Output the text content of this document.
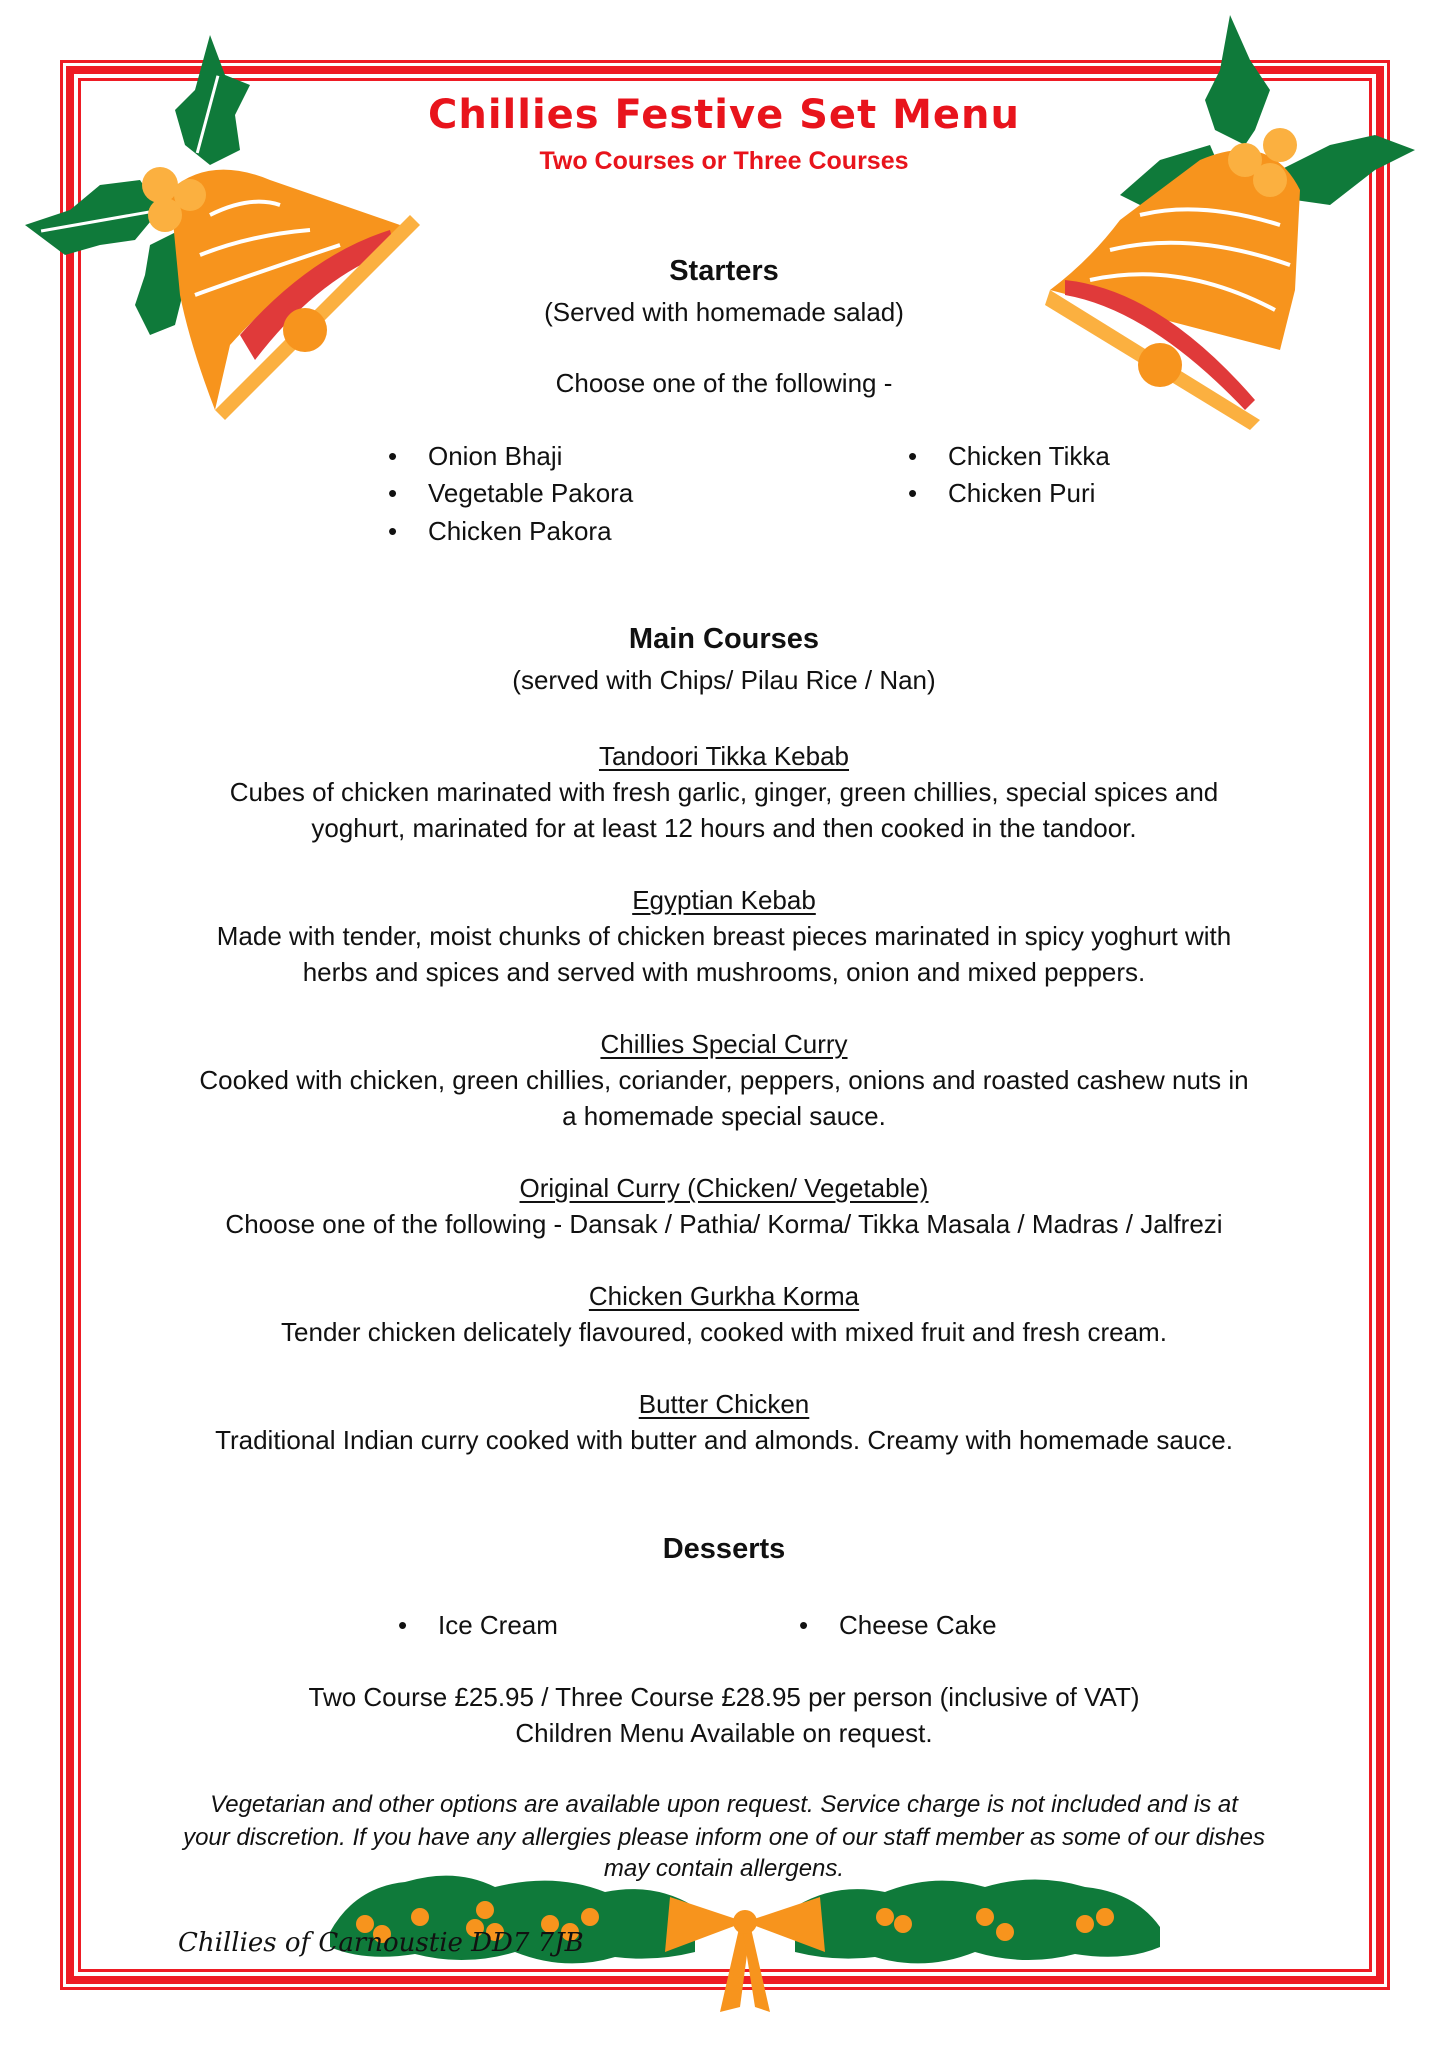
Chillies Festive Set Menu
Two Courses or Three Courses
Starters
(Served with homemade salad)
Choose one of the following -
• Onion Bhaji
• Vegetable Pakora
• Chicken Pakora
• Chicken Tikka
• Chicken Puri
Main Courses
(served with Chips/ Pilau Rice / Nan)
Tandoori Tikka Kebab
Cubes of chicken marinated with fresh garlic, ginger, green chillies, special spices and
yoghurt, marinated for at least 12 hours and then cooked in the tandoor.
Egyptian Kebab
Made with tender, moist chunks of chicken breast pieces marinated in spicy yoghurt with
herbs and spices and served with mushrooms, onion and mixed peppers.
Chillies Special Curry
Cooked with chicken, green chillies, coriander, peppers, onions and roasted cashew nuts in
a homemade special sauce.
Original Curry (Chicken/ Vegetable)
Choose one of the following - Dansak / Pathia/ Korma/ Tikka Masala / Madras / Jalfrezi
Chicken Gurkha Korma
Tender chicken delicately flavoured, cooked with mixed fruit and fresh cream.
Butter Chicken
Traditional Indian curry cooked with butter and almonds. Creamy with homemade sauce.
Desserts
• Ice Cream	• Cheese Cake
Two Course £25.95 / Three Course £28.95 per person (inclusive of VAT)
Children Menu Available on request.
Vegetarian and other options are available upon request. Service charge is not included and is at
your discretion. If you have any allergies please inform one of our staff member as some of our dishes
may contain allergens.
Chillies of Carnoustie DD7 7JB
